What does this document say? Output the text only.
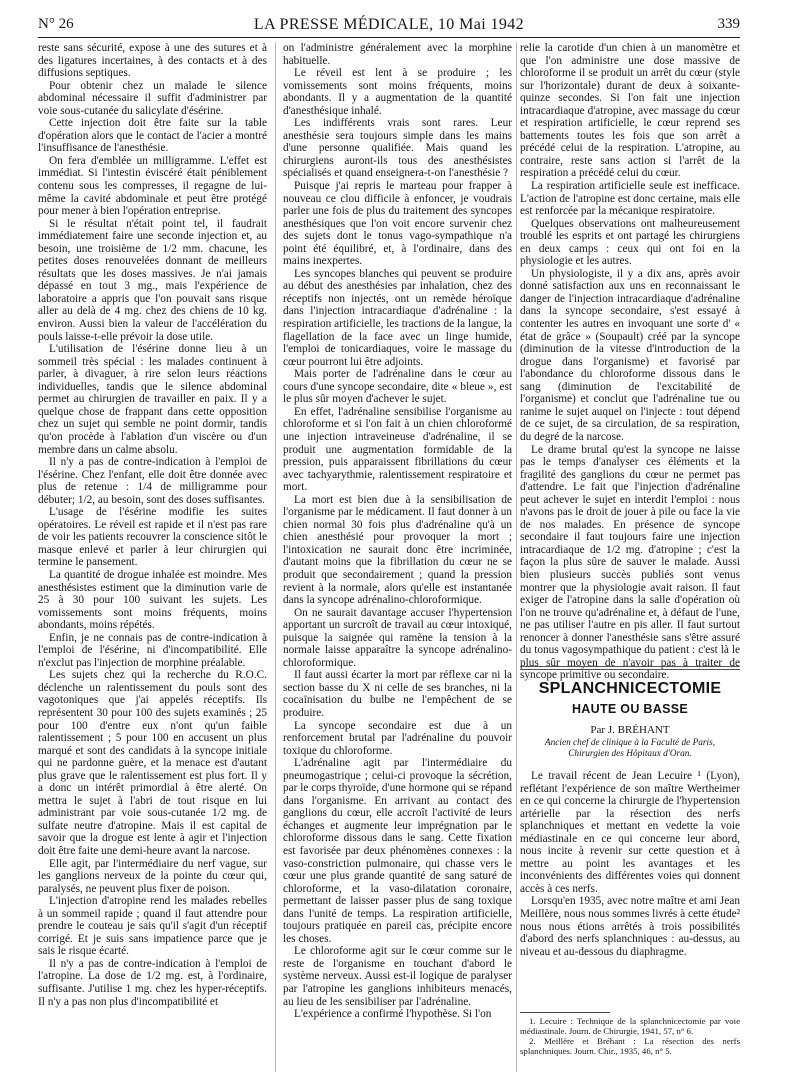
N° 26	LA PRESSE MÉDICALE, 10 Mai 1942	339

reste sans sécurité, expose à une des sutures et à des ligatures incertaines, à des contacts et à des diffusions septiques.

Pour obtenir chez un malade le silence abdominal nécessaire il suffit d'administrer par voie sous-cutanée du salicylate d'ésérine.

Cette injection doit être faite sur la table d'opération alors que le contact de l'acier a montré l'insuffisance de l'anesthésie.

On fera d'emblée un milligramme. L'effet est immédiat. Si l'intestin éviscéré était péniblement contenu sous les compresses, il regagne de lui-même la cavité abdominale et peut être protégé pour mener à bien l'opération entreprise.

Si le résultat n'était point tel, il faudrait immédiatement faire une seconde injection et, au besoin, une troisième de 1/2 mm. chacune, les petites doses renouvelées donnant de meilleurs résultats que les doses massives. Je n'ai jamais dépassé en tout 3 mg., mais l'expérience de laboratoire a appris que l'on pouvait sans risque aller au delà de 4 mg. chez des chiens de 10 kg. environ. Aussi bien la valeur de l'accélération du pouls laisse-t-elle prévoir la dose utile.

L'utilisation de l'ésérine donne lieu à un sommeil très spécial : les malades continuent à parler, à divaguer, à rire selon leurs réactions individuelles, tandis que le silence abdominal permet au chirurgien de travailler en paix. Il y a quelque chose de frappant dans cette opposition chez un sujet qui semble ne point dormir, tandis qu'on procède à l'ablation d'un viscère ou d'un membre dans un calme absolu.

Il n'y a pas de contre-indication à l'emploi de l'ésérine. Chez l'enfant, elle doit être donnée avec plus de retenue : 1/4 de milligramme pour débuter; 1/2, au besoin, sont des doses suffisantes.

L'usage de l'ésérine modifie les suites opératoires. Le réveil est rapide et il n'est pas rare de voir les patients recouvrer la conscience sitôt le masque enlevé et parler à leur chirurgien qui termine le pansement.

La quantité de drogue inhalée est moindre. Mes anesthésistes estiment que la diminution varie de 25 à 30 pour 100 suivant les sujets. Les vomissements sont moins fréquents, moins abondants, moins répétés.

Enfin, je ne connais pas de contre-indication à l'emploi de l'ésérine, ni d'incompatibilité. Elle n'exclut pas l'injection de morphine préalable.

Les sujets chez qui la recherche du R.O.C. déclenche un ralentissement du pouls sont des vagotoniques que j'ai appelés réceptifs. Ils représentent 30 pour 100 des sujets examinés ; 25 pour 100 d'entre eux n'ont qu'un faible ralentissement ; 5 pour 100 en accusent un plus marqué et sont des candidats à la syncope initiale qui ne pardonne guère, et la menace est d'autant plus grave que le ralentissement est plus fort. Il y a donc un intérêt primordial à être alerté. On mettra le sujet à l'abri de tout risque en lui administrant par voie sous-cutanée 1/2 mg. de sulfate neutre d'atropine. Mais il est capital de savoir que la drogue est lente à agir et l'injection doit être faite une demi-heure avant la narcose.

Elle agit, par l'intermédiaire du nerf vague, sur les ganglions nerveux de la pointe du cœur qui, paralysés, ne peuvent plus fixer de poison.

L'injection d'atropine rend les malades rebelles à un sommeil rapide ; quand il faut attendre pour prendre le couteau je sais qu'il s'agit d'un réceptif corrigé. Et je suis sans impatience parce que je sais le risque écarté.

Il n'y a pas de contre-indication à l'emploi de l'atropine. La dose de 1/2 mg. est, à l'ordinaire, suffisante. J'utilise 1 mg. chez les hyper-réceptifs. Il n'y a pas non plus d'incompatibilité et

on l'administre généralement avec la morphine habituelle.

Le réveil est lent à se produire ; les vomissements sont moins fréquents, moins abondants. Il y a augmentation de la quantité d'anesthésique inhalé.

Les indifférents vrais sont rares. Leur anesthésie sera toujours simple dans les mains d'une personne qualifiée. Mais quand les chirurgiens auront-ils tous des anesthésistes spécialisés et quand enseignera-t-on l'anesthésie ?

Puisque j'ai repris le marteau pour frapper à nouveau ce clou difficile à enfoncer, je voudrais parler une fois de plus du traitement des syncopes anesthésiques que l'on voit encore survenir chez des sujets dont le tonus vago-sympathique n'a point été équilibré, et, à l'ordinaire, dans des mains inexpertes.

Les syncopes blanches qui peuvent se produire au début des anesthésies par inhalation, chez des réceptifs non injectés, ont un remède héroïque dans l'injection intracardiaque d'adrénaline : la respiration artificielle, les tractions de la langue, la flagellation de la face avec un linge humide, l'emploi de tonicardiaques, voire le massage du cœur pourront lui être adjoints.

Mais porter de l'adrénaline dans le cœur au cours d'une syncope secondaire, dite « bleue », est le plus sûr moyen d'achever le sujet.

En effet, l'adrénaline sensibilise l'organisme au chloroforme et si l'on fait à un chien chloroformé une injection intraveineuse d'adrénaline, il se produit une augmentation formidable de la pression, puis apparaissent fibrillations du cœur avec tachyarythmie, ralentissement respiratoire et mort.

La mort est bien due à la sensibilisation de l'organisme par le médicament. Il faut donner à un chien normal 30 fois plus d'adrénaline qu'à un chien anesthésié pour provoquer la mort ; l'intoxication ne saurait donc être incriminée, d'autant moins que la fibrillation du cœur ne se produit que secondairement ; quand la pression revient à la normale, alors qu'elle est instantanée dans la syncope adrénalino-chloroformique.

On ne saurait davantage accuser l'hypertension apportant un surcroît de travail au cœur intoxiqué, puisque la saignée qui ramène la tension à la normale laisse apparaître la syncope adrénalino-chloroformique.

Il faut aussi écarter la mort par réflexe car ni la section basse du X ni celle de ses branches, ni la cocaïnisation du bulbe ne l'empêchent de se produire.

La syncope secondaire est due à un renforcement brutal par l'adrénaline du pouvoir toxique du chloroforme.

L'adrénaline agit par l'intermédiaire du pneumogastrique ; celui-ci provoque la sécrétion, par le corps thyroïde, d'une hormone qui se répand dans l'organisme. En arrivant au contact des ganglions du cœur, elle accroît l'activité de leurs échanges et augmente leur imprégnation par le chloroforme dissous dans le sang. Cette fixation est favorisée par deux phénomènes connexes : la vaso-constriction pulmonaire, qui chasse vers le cœur une plus grande quantité de sang saturé de chloroforme, et la vaso-dilatation coronaire, permettant de laisser passer plus de sang toxique dans l'unité de temps. La respiration artificielle, toujours pratiquée en pareil cas, précipite encore les choses.

Le chloroforme agit sur le cœur comme sur le reste de l'organisme en touchant d'abord le système nerveux. Aussi est-il logique de paralyser par l'atropine les ganglions inhibiteurs menacés, au lieu de les sensibiliser par l'adrénaline.

L'expérience a confirmé l'hypothèse. Si l'on

relie la carotide d'un chien à un manomètre et que l'on administre une dose massive de chloroforme il se produit un arrêt du cœur (style sur l'horizontale) durant de deux à soixante-quinze secondes. Si l'on fait une injection intracardiaque d'atropine, avec massage du cœur et respiration artificielle, le cœur reprend ses battements toutes les fois que son arrêt a précédé celui de la respiration. L'atropine, au contraire, reste sans action si l'arrêt de la respiration a précédé celui du cœur.

La respiration artificielle seule est inefficace. L'action de l'atropine est donc certaine, mais elle est renforcée par la mécanique respiratoire.

Quelques observations ont malheureusement troublé les esprits et ont partagé les chirurgiens en deux camps : ceux qui ont foi en la physiologie et les autres.

Un physiologiste, il y a dix ans, après avoir donné satisfaction aux uns en reconnaissant le danger de l'injection intracardiaque d'adrénaline dans la syncope secondaire, s'est essayé à contenter les autres en invoquant une sorte d' « état de grâce » (Soupault) créé par la syncope (diminution de la vitesse d'introduction de la drogue dans l'organisme) et favorisé par l'abondance du chloroforme dissous dans le sang (diminution de l'excitabilité de l'organisme) et conclut que l'adrénaline tue ou ranime le sujet auquel on l'injecte : tout dépend de ce sujet, de sa circulation, de sa respiration, du degré de la narcose.

Le drame brutal qu'est la syncope ne laisse pas le temps d'analyser ces éléments et la fragilité des ganglions du cœur ne permet pas d'attendre. Le fait que l'injection d'adrénaline peut achever le sujet en interdit l'emploi : nous n'avons pas le droit de jouer à pile ou face la vie de nos malades. En présence de syncope secondaire il faut toujours faire une injection intracardiaque de 1/2 mg. d'atropine ; c'est la façon la plus sûre de sauver le malade. Aussi bien plusieurs succès publiés sont venus montrer que la physiologie avait raison. Il faut exiger de l'atropine dans la salle d'opération où l'on ne trouve qu'adrénaline et, à défaut de l'une, ne pas utiliser l'autre en pis aller. Il faut surtout renoncer à donner l'anesthésie sans s'être assuré du tonus vagosympathique du patient : c'est là le plus sûr moyen de n'avoir pas à traiter de syncope primitive ou secondaire.

SPLANCHNICECTOMIE
HAUTE OU BASSE
Par J. BRÉHANT
Ancien chef de clinique à la Faculté de Paris,
Chirurgien des Hôpitaux d'Oran.

Le travail récent de Jean Lecuire ¹ (Lyon), reflétant l'expérience de son maître Wertheimer en ce qui concerne la chirurgie de l'hypertension artérielle par la résection des nerfs splanchniques et mettant en vedette la voie médiastinale en ce qui concerne leur abord, nous incite à revenir sur cette question et à mettre au point les avantages et les inconvénients des différentes voies qui donnent accès à ces nerfs.

Lorsqu'en 1935, avec notre maître et ami Jean Meillère, nous nous sommes livrés à cette étude² nous nous étions arrêtés à trois possibilités d'abord des nerfs splanchniques : au-dessus, au niveau et au-dessous du diaphragme.

1. Lecuire : Technique de la splanchnicectomie par voie médiastinale. Journ. de Chirurgie, 1941, 57, n° 6.

2. Meillère et Bréhant : La résection des nerfs splanchniques. Journ. Chir., 1935, 46, n° 5.
